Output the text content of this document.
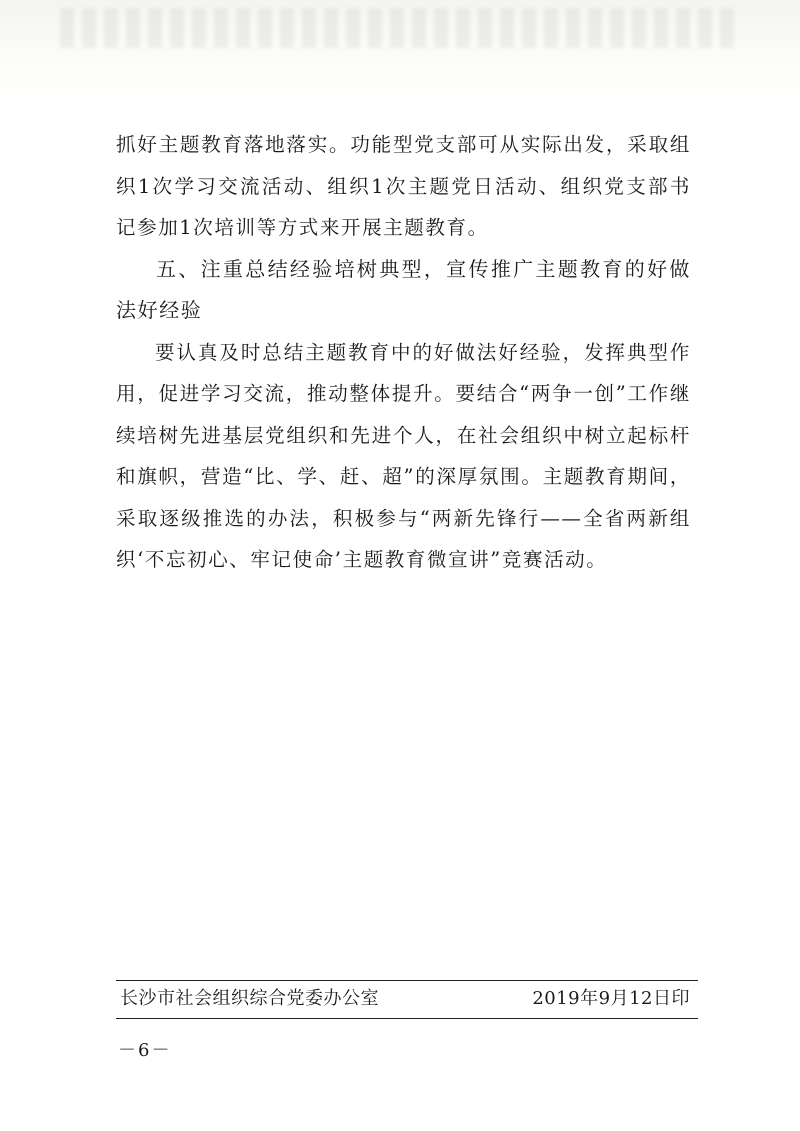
抓好主题教育落地落实。功能型党支部可从实际出发，采取组织1次学习交流活动、组织1次主题党日活动、组织党支部书记参加1次培训等方式来开展主题教育。

五、注重总结经验培树典型，宣传推广主题教育的好做法好经验

要认真及时总结主题教育中的好做法好经验，发挥典型作用，促进学习交流，推动整体提升。要结合“两争一创”工作继续培树先进基层党组织和先进个人，在社会组织中树立起标杆和旗帜，营造“比、学、赶、超”的深厚氛围。主题教育期间，采取逐级推选的办法，积极参与“两新先锋行——全省两新组织‘不忘初心、牢记使命’主题教育微宣讲”竞赛活动。

长沙市社会组织综合党委办公室	2019年9月12日印
－6－
